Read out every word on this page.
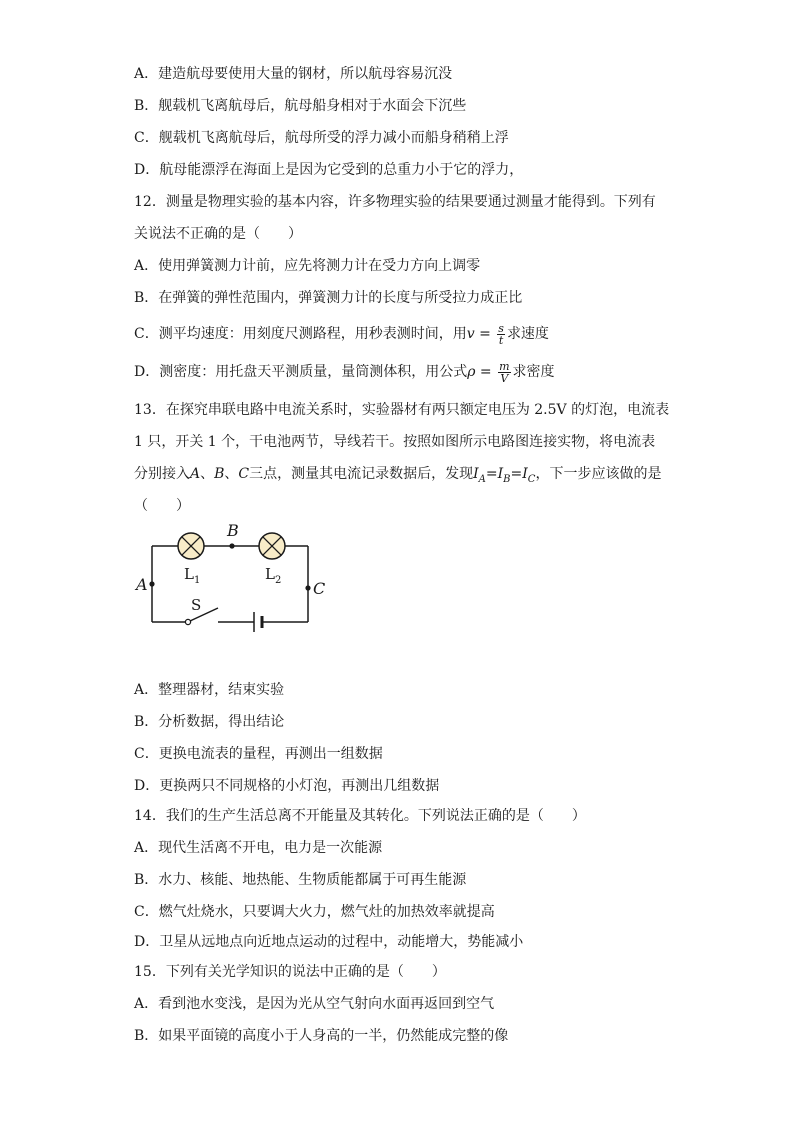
A．建造航母要使用大量的钢材，所以航母容易沉没
B．舰载机飞离航母后，航母船身相对于水面会下沉些
C．舰载机飞离航母后，航母所受的浮力减小而船身稍稍上浮
D．航母能漂浮在海面上是因为它受到的总重力小于它的浮力，
12．测量是物理实验的基本内容，许多物理实验的结果要通过测量才能得到。下列有
关说法不正确的是（　　）
A．使用弹簧测力计前，应先将测力计在受力方向上调零
B．在弹簧的弹性范围内，弹簧测力计的长度与所受拉力成正比
C．测平均速度：用刻度尺测路程，用秒表测时间，用$v = \frac{s}{t}$ 求速度
D．测密度：用托盘天平测质量，量筒测体积，用公式$\rho = \frac{m}{V}$ 求密度
13．在探究串联电路中电流关系时，实验器材有两只额定电压为 2.5V 的灯泡，电流表
1 只，开关 1 个，干电池两节，导线若干。按照如图所示电路图连接实物，将电流表
分别接入A、B、C三点，测量其电流记录数据后，发现$I_A=I_B=I_C$，下一步应该做的是
（　　）
B
A	C
S
$L_1$	$L_2$
A．整理器材，结束实验
B．分析数据，得出结论
C．更换电流表的量程，再测出一组数据
D．更换两只不同规格的小灯泡，再测出几组数据
14．我们的生产生活总离不开能量及其转化。下列说法正确的是（　　）
A．现代生活离不开电，电力是一次能源
B．水力、核能、地热能、生物质能都属于可再生能源
C．燃气灶烧水，只要调大火力，燃气灶的加热效率就提高
D．卫星从远地点向近地点运动的过程中，动能增大，势能减小
15．下列有关光学知识的说法中正确的是（　　）
A．看到池水变浅，是因为光从空气射向水面再返回到空气
B．如果平面镜的高度小于人身高的一半，仍然能成完整的像
